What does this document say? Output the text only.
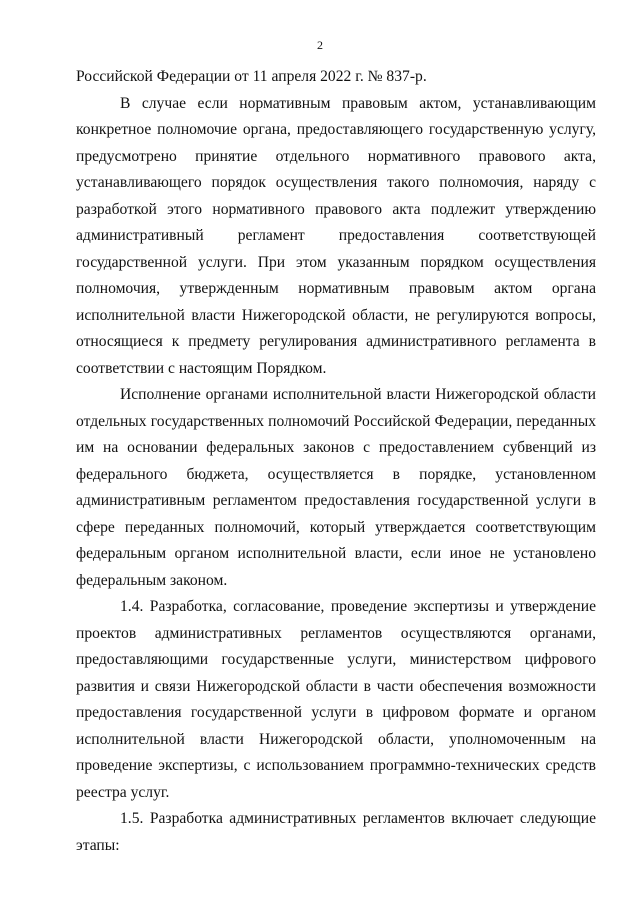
2

Российской Федерации от 11 апреля 2022 г. № 837-р.

В случае если нормативным правовым актом, устанавливающим конкретное полномочие органа, предоставляющего государственную услугу, предусмотрено принятие отдельного нормативного правового акта, устанавливающего порядок осуществления такого полномочия, наряду с разработкой этого нормативного правового акта подлежит утверждению административный регламент предоставления соответствующей государственной услуги. При этом указанным порядком осуществления полномочия, утвержденным нормативным правовым актом органа исполнительной власти Нижегородской области, не регулируются вопросы, относящиеся к предмету регулирования административного регламента в соответствии с настоящим Порядком.

Исполнение органами исполнительной власти Нижегородской области отдельных государственных полномочий Российской Федерации, переданных им на основании федеральных законов с предоставлением субвенций из федерального бюджета, осуществляется в порядке, установленном административным регламентом предоставления государственной услуги в сфере переданных полномочий, который утверждается соответствующим федеральным органом исполнительной власти, если иное не установлено федеральным законом.

1.4. Разработка, согласование, проведение экспертизы и утверждение проектов административных регламентов осуществляются органами, предоставляющими государственные услуги, министерством цифрового развития и связи Нижегородской области в части обеспечения возможности предоставления государственной услуги в цифровом формате и органом исполнительной власти Нижегородской области, уполномоченным на проведение экспертизы, с использованием программно-технических средств реестра услуг.

1.5. Разработка административных регламентов включает следующие этапы:
